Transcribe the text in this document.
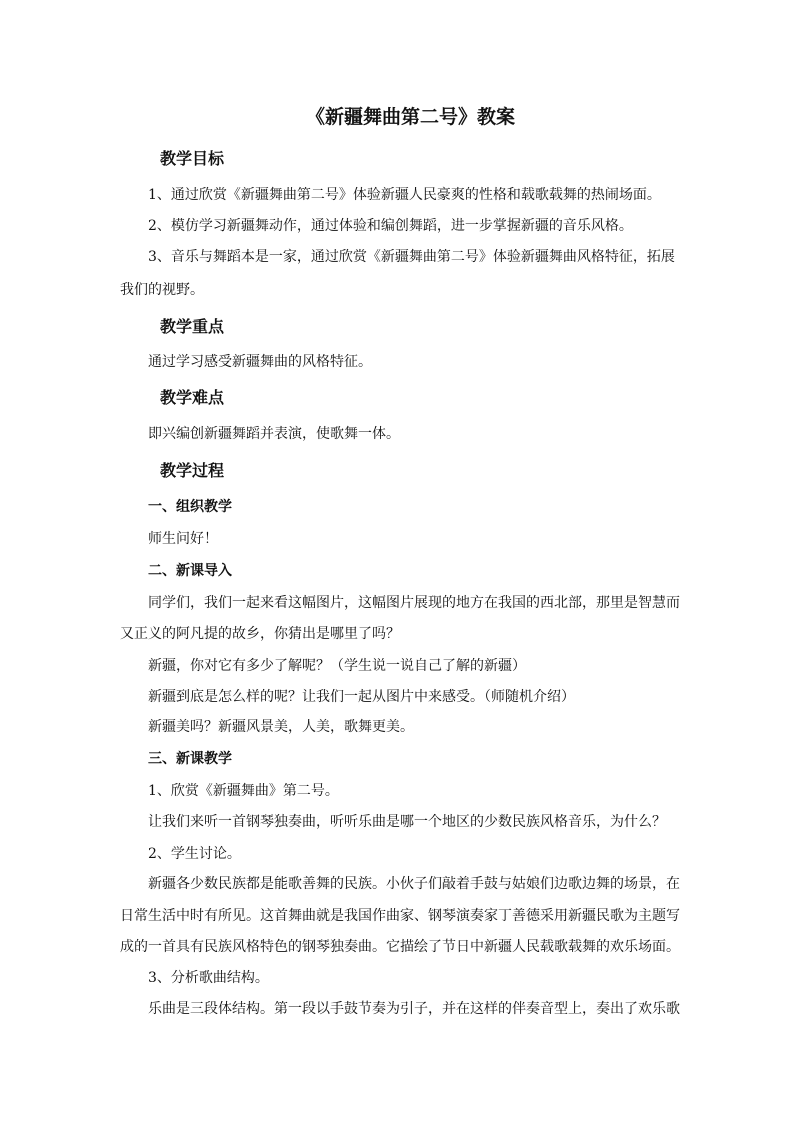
《新疆舞曲第二号》教案
教学目标
1、通过欣赏《新疆舞曲第二号》体验新疆人民豪爽的性格和载歌载舞的热闹场面。
2、模仿学习新疆舞动作，通过体验和编创舞蹈，进一步掌握新疆的音乐风格。
3、音乐与舞蹈本是一家，通过欣赏《新疆舞曲第二号》体验新疆舞曲风格特征，拓展
我们的视野。
教学重点
通过学习感受新疆舞曲的风格特征。
教学难点
即兴编创新疆舞蹈并表演，使歌舞一体。
教学过程
一、组织教学
师生问好！
二、新课导入
同学们，我们一起来看这幅图片，这幅图片展现的地方在我国的西北部，那里是智慧而
又正义的阿凡提的故乡，你猜出是哪里了吗？
新疆，你对它有多少了解呢？（学生说一说自己了解的新疆）
新疆到底是怎么样的呢？让我们一起从图片中来感受。（师随机介绍）
新疆美吗？新疆风景美，人美，歌舞更美。
三、新课教学
1、欣赏《新疆舞曲》第二号。
让我们来听一首钢琴独奏曲，听听乐曲是哪一个地区的少数民族风格音乐，为什么？
2、学生讨论。
新疆各少数民族都是能歌善舞的民族。小伙子们敲着手鼓与姑娘们边歌边舞的场景，在
日常生活中时有所见。这首舞曲就是我国作曲家、钢琴演奏家丁善德采用新疆民歌为主题写
成的一首具有民族风格特色的钢琴独奏曲。它描绘了节日中新疆人民载歌载舞的欢乐场面。
3、分析歌曲结构。
乐曲是三段体结构。第一段以手鼓节奏为引子，并在这样的伴奏音型上，奏出了欢乐歌
